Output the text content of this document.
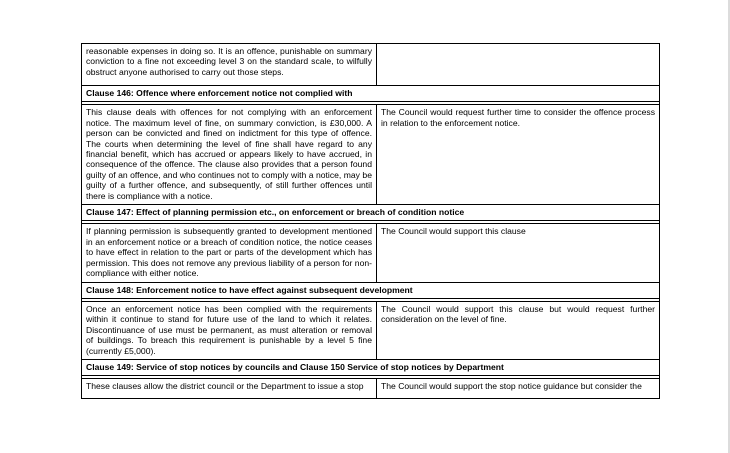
reasonable expenses in doing so. It is an offence, punishable on summary conviction to a fine not exceeding level 3 on the standard scale, to wilfully obstruct anyone authorised to carry out those steps.	
Clause 146: Offence where enforcement notice not complied with	

This clause deals with offences for not complying with an enforcement notice. The maximum level of fine, on summary conviction, is £30,000. A person can be convicted and fined on indictment for this type of offence. The courts when determining the level of fine shall have regard to any financial benefit, which has accrued or appears likely to have accrued, in consequence of the offence. The clause also provides that a person found guilty of an offence, and who continues not to comply with a notice, may be guilty of a further offence, and subsequently, of still further offences until there is compliance with a notice.	The Council would request further time to consider the offence process in relation to the enforcement notice.
Clause 147: Effect of planning permission etc., on enforcement or breach of condition notice	

If planning permission is subsequently granted to development mentioned in an enforcement notice or a breach of condition notice, the notice ceases to have effect in relation to the part or parts of the development which has permission. This does not remove any previous liability of a person for non-compliance with either notice.	The Council would support this clause
Clause 148: Enforcement notice to have effect against subsequent development	

Once an enforcement notice has been complied with the requirements within it continue to stand for future use of the land to which it relates. Discontinuance of use must be permanent, as must alteration or removal of buildings. To breach this requirement is punishable by a level 5 fine (currently £5,000).	The Council would support this clause but would request further consideration on the level of fine.
Clause 149: Service of stop notices by councils and Clause 150 Service of stop notices by Department	

These clauses allow the district council or the Department to issue a stop	The Council would support the stop notice guidance but consider the
